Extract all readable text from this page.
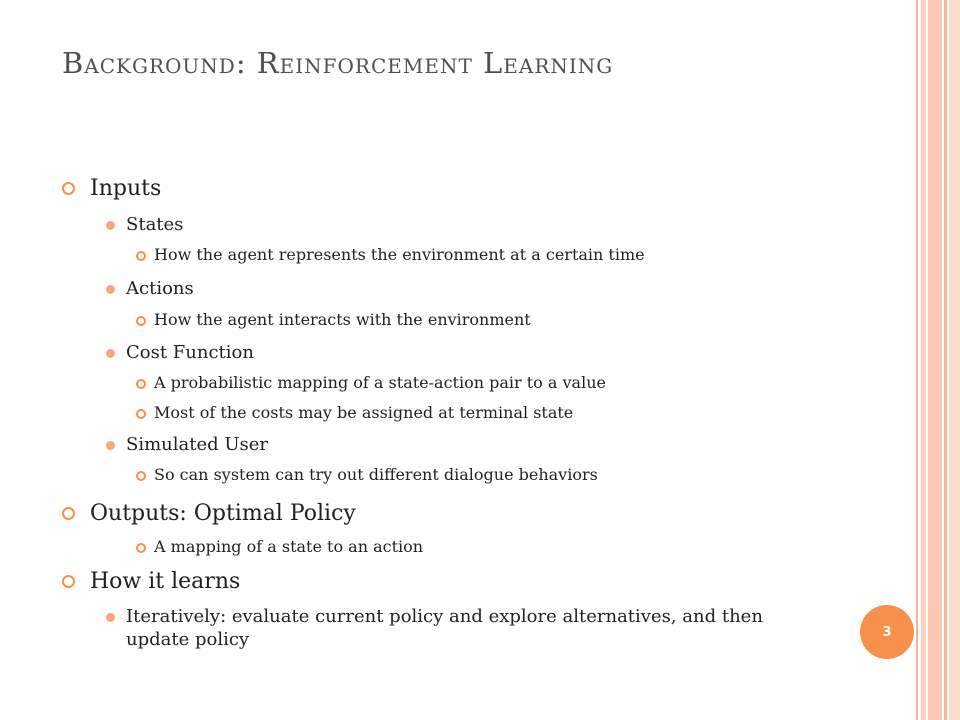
Background: Reinforcement Learning
Inputs
States
How the agent represents the environment at a certain time
Actions
How the agent interacts with the environment
Cost Function
A probabilistic mapping of a state-action pair to a value
Most of the costs may be assigned at terminal state
Simulated User
So can system can try out different dialogue behaviors
Outputs: Optimal Policy
A mapping of a state to an action
How it learns
Iteratively: evaluate current policy and explore alternatives, and then update policy	3
